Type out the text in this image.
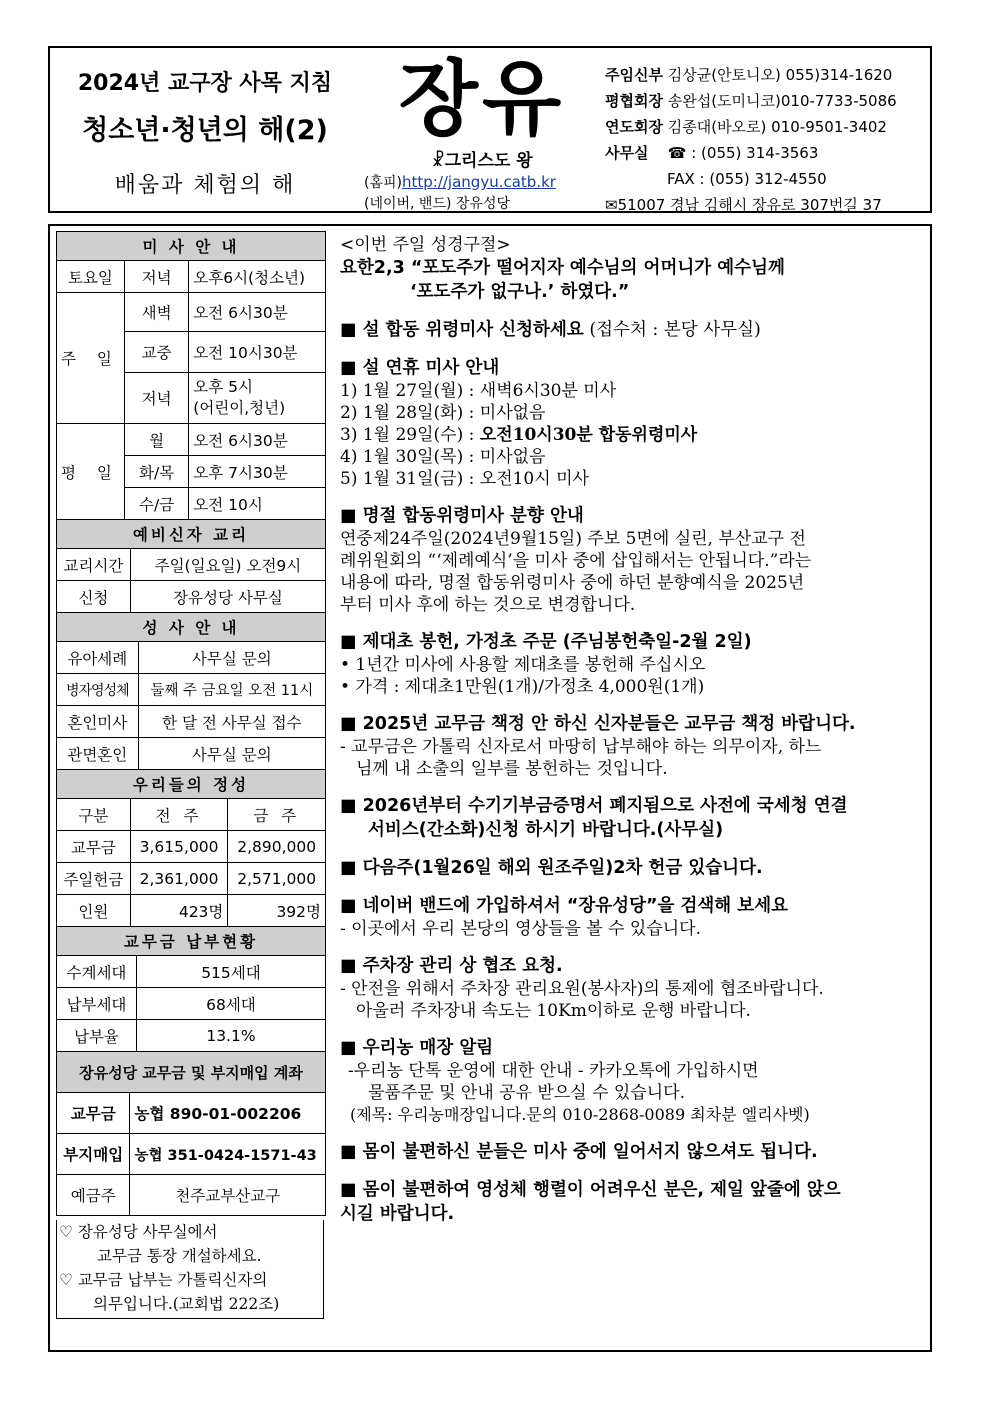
2024년 교구장 사목 지침
청소년·청년의 해(2)
배움과 체험의 해
장유
☧그리스도 왕
(홈피)http://jangyu.catb.kr
(네이버, 밴드) 장유성당
주임신부 김상균(안토니오) 055)314-1620
평협회장 송완섭(도미니코)010-7733-5086
연도회장 김종대(바오로) 010-9501-3402
사무실 ☎ : (055) 314-3563
FAX : (055) 312-4550
✉51007 경남 김해시 장유로 307번길 37
미 사 안 내		
토요일	저녁	오후6시(청소년)
주 일	새벽	오전 6시30분
	교중	오전 10시30분
	저녁	오후 5시
(어린이,청년)

평 일	월	오전 6시30분
	화/목	오후 7시30분
	수/금	오전 10시
예비신자 교리	
교리시간	주일(일요일) 오전9시
신청	장유성당 사무실
성 사 안 내	
유아세례	사무실 문의
병자영성체	둘째 주 금요일 오전 11시
혼인미사	한 달 전 사무실 접수
관면혼인	사무실 문의
우리들의 정성		
구분	전 주	금 주
교무금	3,615,000	2,890,000
주일헌금	2,361,000	2,571,000
인원	423명	392명
교무금 납부현황	
수계세대	515세대
납부세대	68세대
납부율	13.1%
장유성당 교무금 및 부지매입 계좌	
교무금	농협 890-01-002206
부지매입	농협 351-0424-1571-43
예금주	천주교부산교구
♡ 장유성당 사무실에서
교무금 통장 개설하세요.
♡ 교무금 납부는 가톨릭신자의
의무입니다.(교회법 222조)
<이번 주일 성경구절>
요한2,3 “포도주가 떨어지자 예수님의 어머니가 예수님께
‘포도주가 없구나.’ 하였다.”
■ 설 합동 위령미사 신청하세요 (접수처 : 본당 사무실)
■ 설 연휴 미사 안내
1) 1월 27일(월) : 새벽6시30분 미사
2) 1월 28일(화) : 미사없음
3) 1월 29일(수) : 오전10시30분 합동위령미사
4) 1월 30일(목) : 미사없음
5) 1월 31일(금) : 오전10시 미사
■ 명절 합동위령미사 분향 안내
연중제24주일(2024년9월15일) 주보 5면에 실린, 부산교구 전
례위원회의 “‘제례예식’을 미사 중에 삽입해서는 안됩니다.”라는
내용에 따라, 명절 합동위령미사 중에 하던 분향예식을 2025년
부터 미사 후에 하는 것으로 변경합니다.
■ 제대초 봉헌, 가정초 주문 (주님봉헌축일-2월 2일)
• 1년간 미사에 사용할 제대초를 봉헌해 주십시오
• 가격 : 제대초1만원(1개)/가정초 4,000원(1개)
■ 2025년 교무금 책정 안 하신 신자분들은 교무금 책정 바랍니다.
- 교무금은 가톨릭 신자로서 마땅히 납부해야 하는 의무이자, 하느
님께 내 소출의 일부를 봉헌하는 것입니다.
■ 2026년부터 수기기부금증명서 폐지됨으로 사전에 국세청 연결
서비스(간소화)신청 하시기 바랍니다.(사무실)
■ 다음주(1월26일 해외 원조주일)2차 헌금 있습니다.
■ 네이버 밴드에 가입하셔서 “장유성당”을 검색해 보세요
- 이곳에서 우리 본당의 영상들을 볼 수 있습니다.
■ 주차장 관리 상 협조 요청.
- 안전을 위해서 주차장 관리요원(봉사자)의 통제에 협조바랍니다.
아울러 주차장내 속도는 10Km이하로 운행 바랍니다.
■ 우리농 매장 알림
-우리농 단톡 운영에 대한 안내 - 카카오톡에 가입하시면
물품주문 및 안내 공유 받으실 수 있습니다.
(제목: 우리농매장입니다.문의 010-2868-0089 최차분 엘리사벳)
■ 몸이 불편하신 분들은 미사 중에 일어서지 않으셔도 됩니다.
■ 몸이 불편하여 영성체 행렬이 어려우신 분은, 제일 앞줄에 앉으
시길 바랍니다.
